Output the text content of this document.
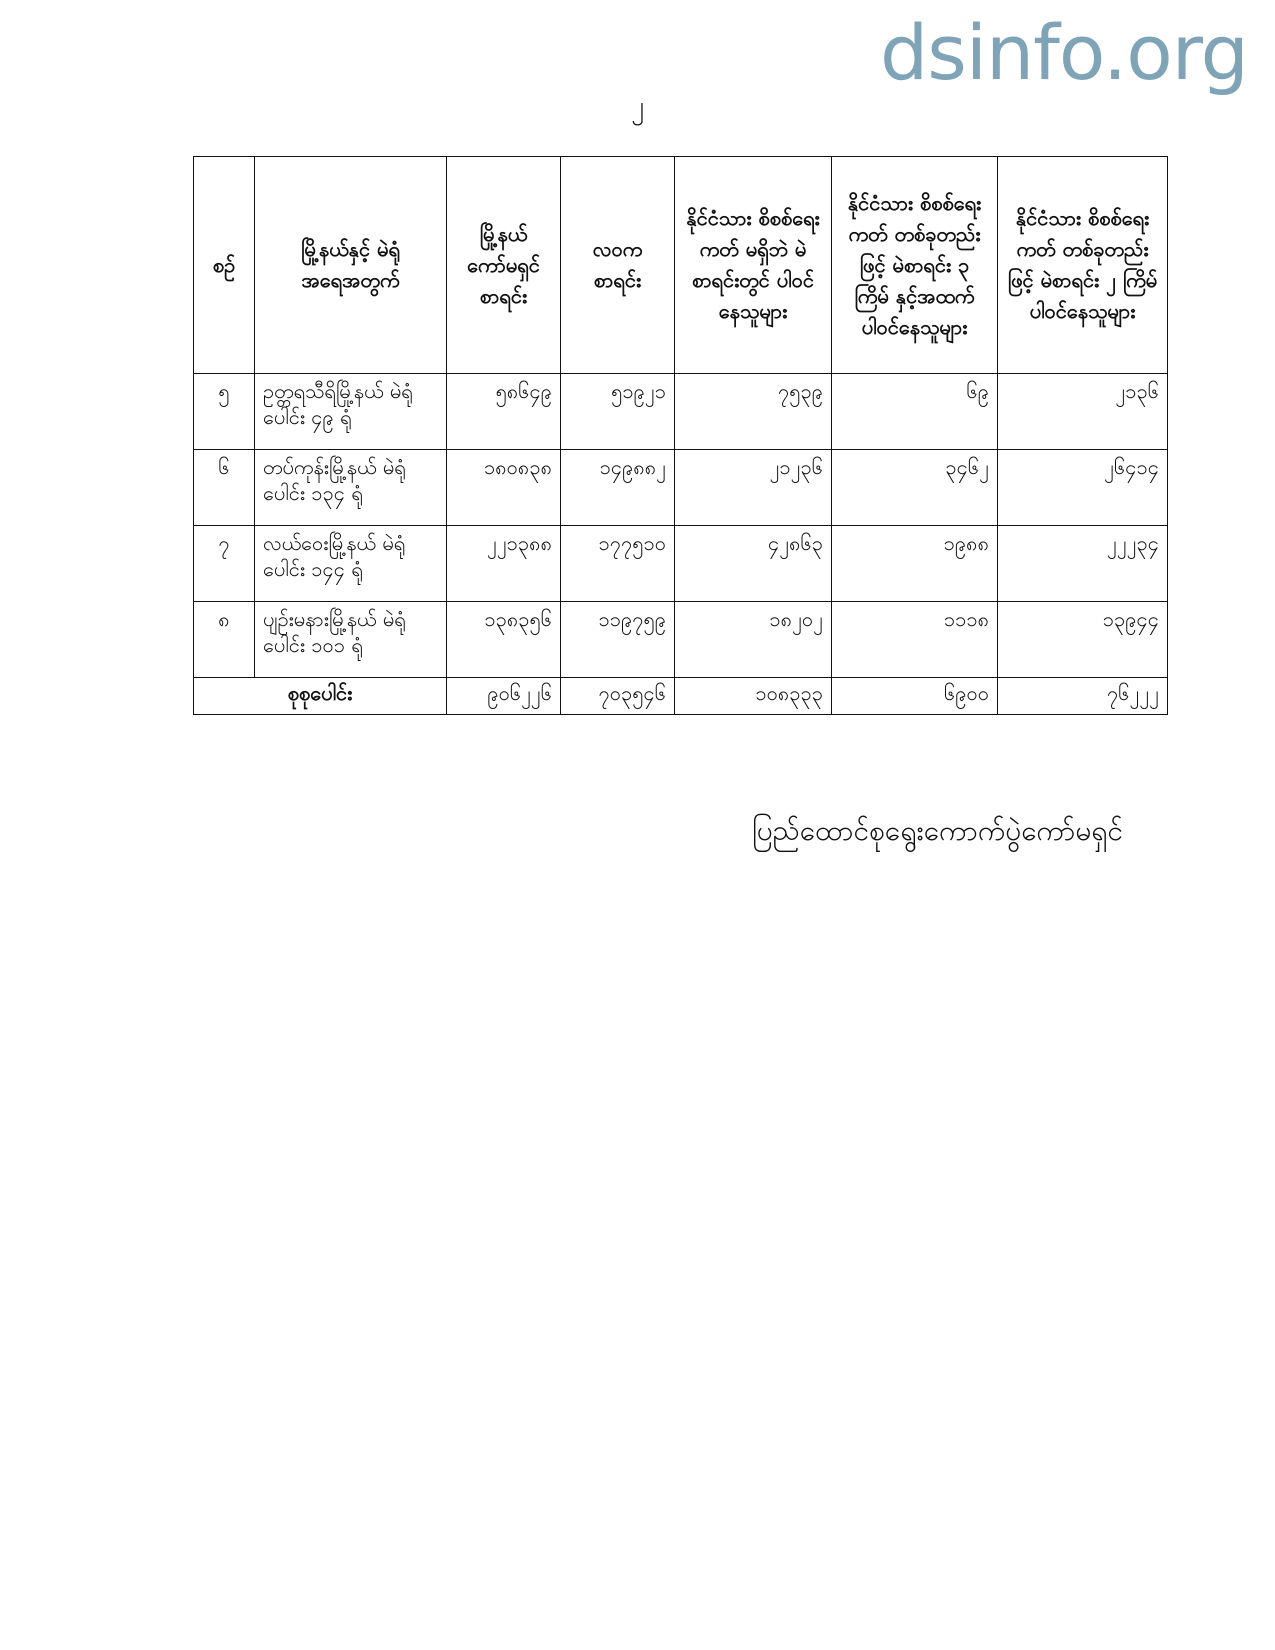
dsinfo.org
၂
စဉ်	မြို့နယ်နှင့် မဲရုံအရေအတွက်	မြို့နယ် ကော်မရှင် စာရင်း	လဝက စာရင်း	နိုင်ငံသား စိစစ်ရေးကတ် မရှိဘဲ မဲစာရင်းတွင် ပါဝင်နေသူများ	နိုင်ငံသား စိစစ်ရေးကတ် တစ်ခုတည်းဖြင့် မဲစာရင်း ၃ ကြိမ် နှင့်အထက် ပါဝင်နေသူများ	နိုင်ငံသား စိစစ်ရေးကတ် တစ်ခုတည်းဖြင့် မဲစာရင်း ၂ ကြိမ် ပါဝင်နေသူများ
၅	ဥတ္တရသီရိမြို့နယ် မဲရုံပေါင်း ၄၉ ရုံ	၅၈၆၄၉	၅၁၉၂၁	၇၅၃၉	၆၉	၂၁၃၆
၆	တပ်ကုန်းမြို့နယ် မဲရုံပေါင်း ၁၃၄ ရုံ	၁၈၀၈၃၈	၁၄၉၈၈၂	၂၁၂၃၆	၃၄၆၂	၂၆၄၁၄
၇	လယ်ဝေးမြို့နယ် မဲရုံပေါင်း ၁၄၄ ရုံ	၂၂၁၃၈၈	၁၇၇၅၁၀	၄၂၈၆၃	၁၉၈၈	၂၂၂၃၄
၈	ပျဉ်းမနားမြို့နယ် မဲရုံပေါင်း ၁၀၁ ရုံ	၁၃၈၃၅၆	၁၁၉၇၅၉	၁၈၂၀၂	၁၁၁၈	၁၃၉၄၄
စုစုပေါင်း		၉၀၆၂၂၆	၇၀၃၅၄၆	၁၀၈၃၃၃	၆၉၀၀	၇၆၂၂၂
ပြည်ထောင်စုရွေးကောက်ပွဲကော်မရှင်
